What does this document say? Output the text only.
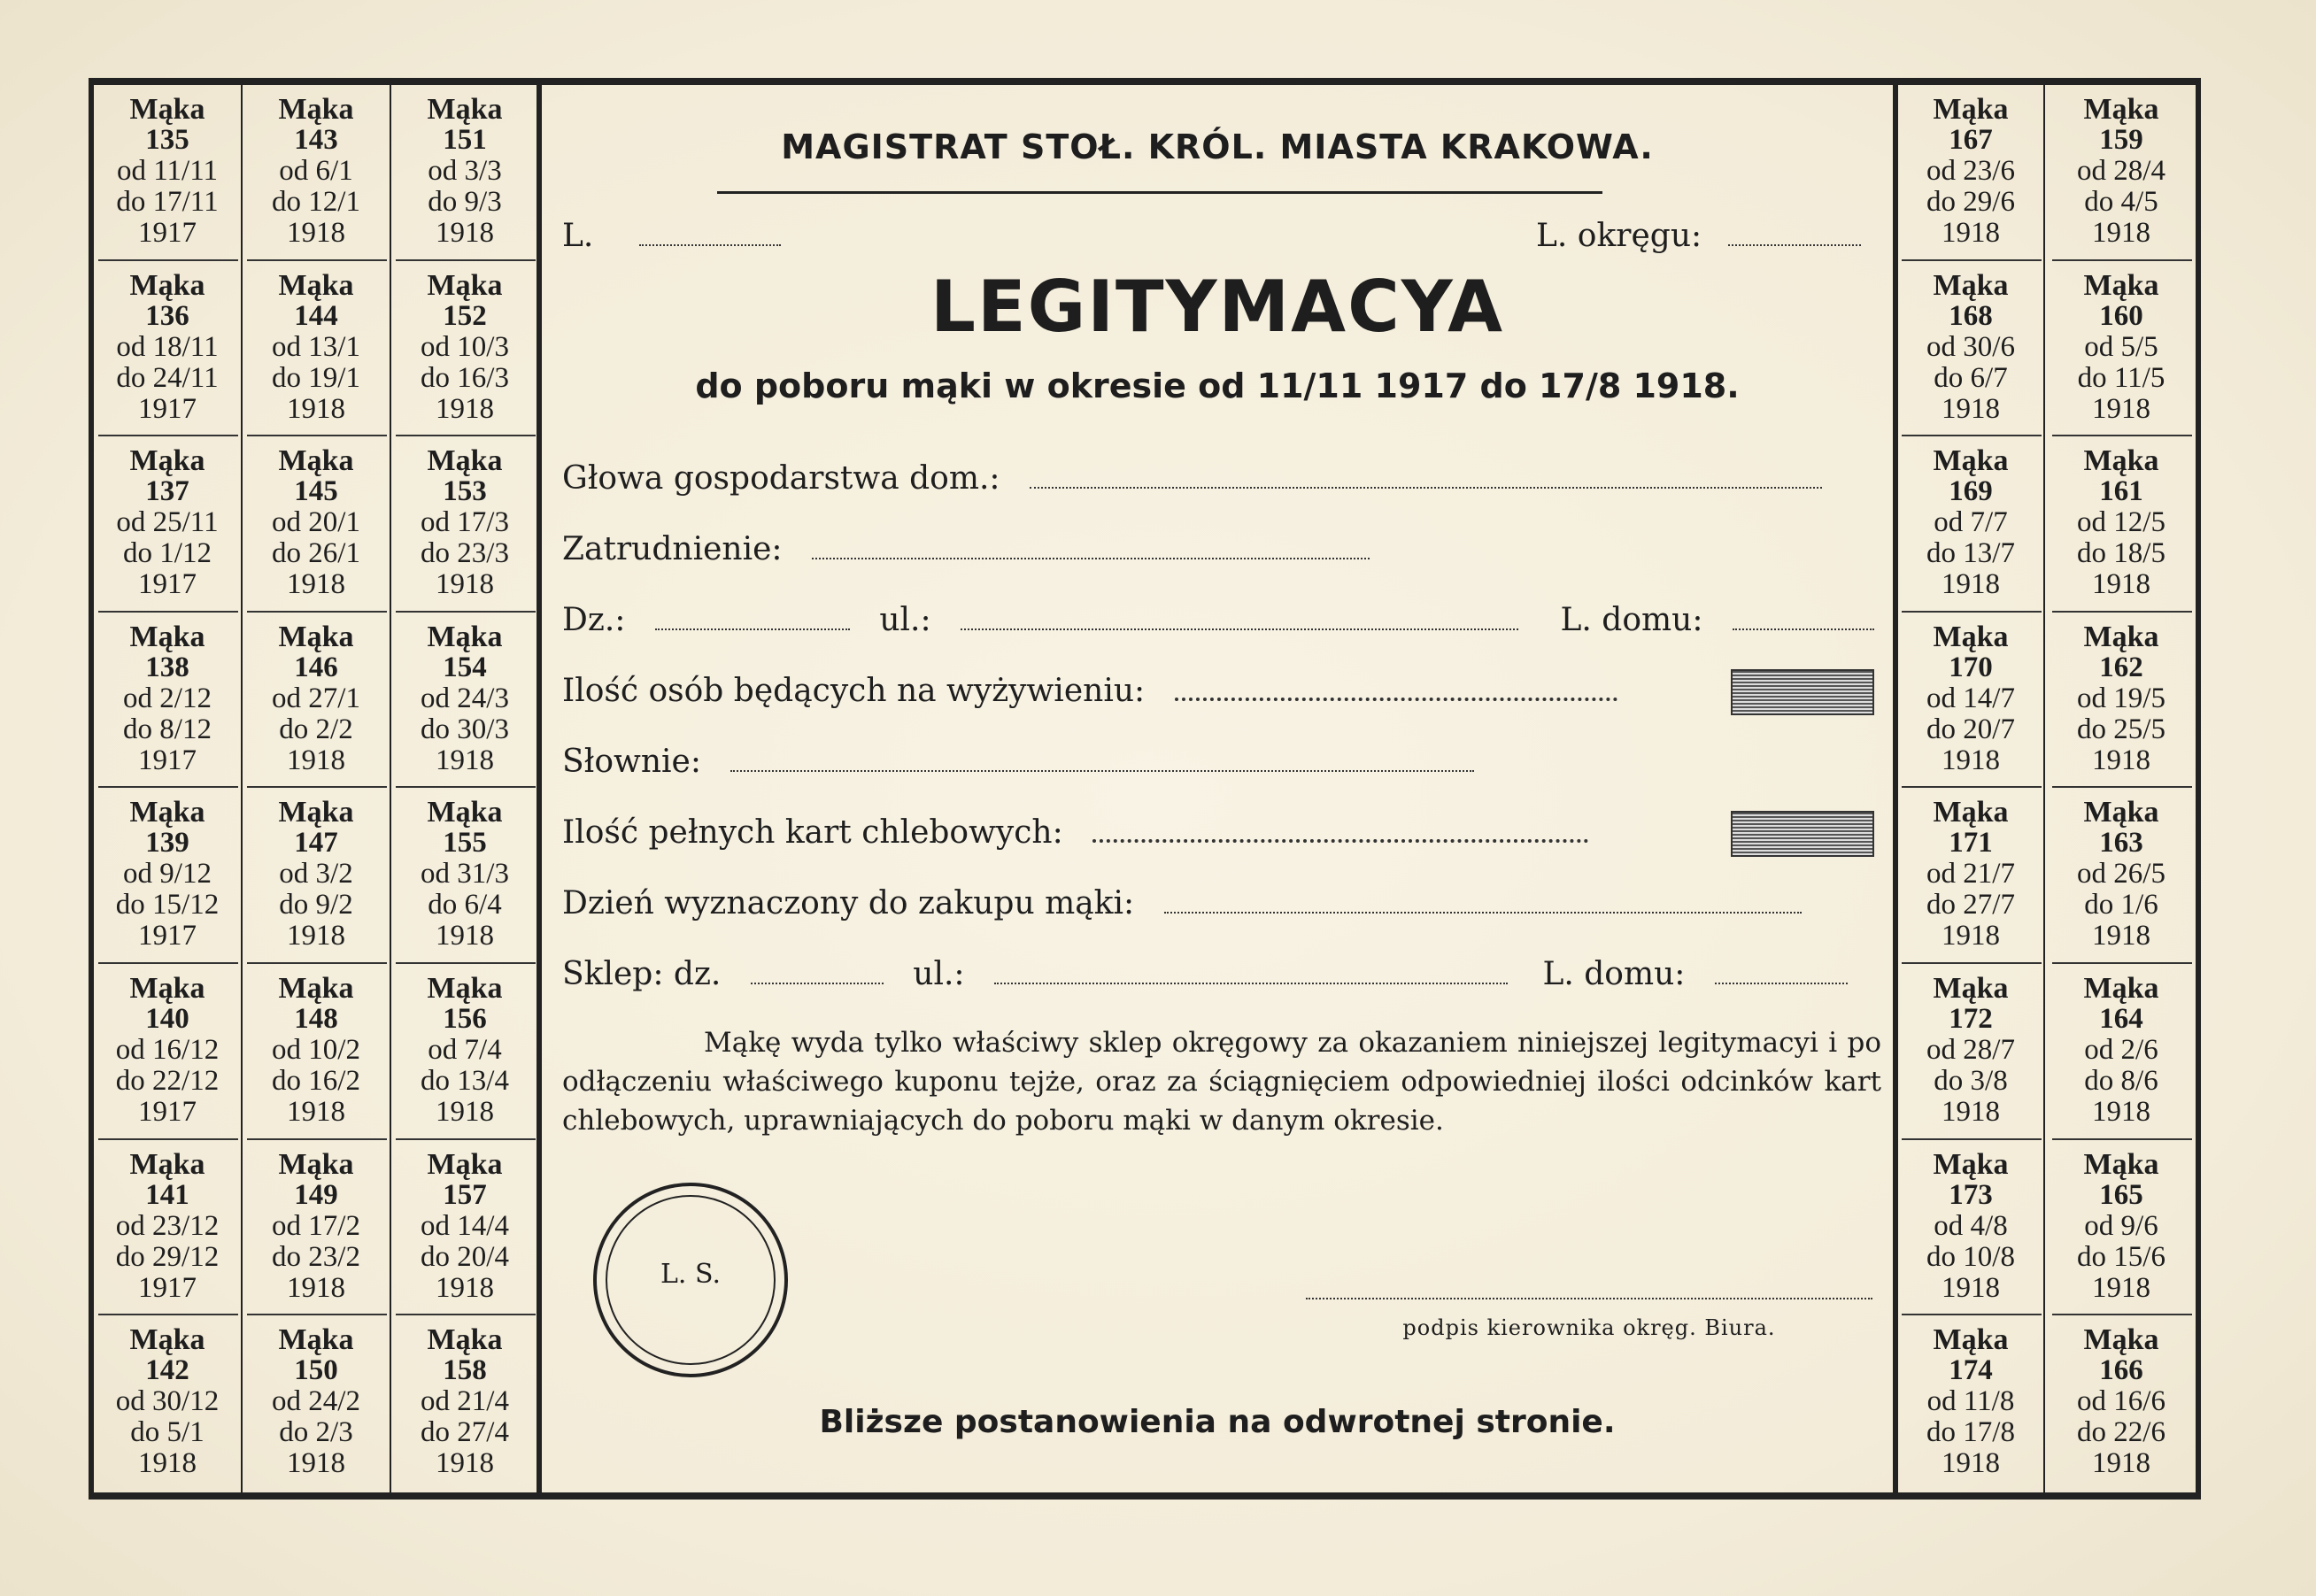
Mąka
135
od 11/11
do 17/11
1917
Mąka
136
od 18/11
do 24/11
1917
Mąka
137
od 25/11
do 1/12
1917
Mąka
138
od 2/12
do 8/12
1917
Mąka
139
od 9/12
do 15/12
1917
Mąka
140
od 16/12
do 22/12
1917
Mąka
141
od 23/12
do 29/12
1917
Mąka
142
od 30/12
do 5/1
1918
Mąka
143
od 6/1
do 12/1
1918
Mąka
144
od 13/1
do 19/1
1918
Mąka
145
od 20/1
do 26/1
1918
Mąka
146
od 27/1
do 2/2
1918
Mąka
147
od 3/2
do 9/2
1918
Mąka
148
od 10/2
do 16/2
1918
Mąka
149
od 17/2
do 23/2
1918
Mąka
150
od 24/2
do 2/3
1918
Mąka
151
od 3/3
do 9/3
1918
Mąka
152
od 10/3
do 16/3
1918
Mąka
153
od 17/3
do 23/3
1918
Mąka
154
od 24/3
do 30/3
1918
Mąka
155
od 31/3
do 6/4
1918
Mąka
156
od 7/4
do 13/4
1918
Mąka
157
od 14/4
do 20/4
1918
Mąka
158
od 21/4
do 27/4
1918
Mąka
167
od 23/6
do 29/6
1918
Mąka
168
od 30/6
do 6/7
1918
Mąka
169
od 7/7
do 13/7
1918
Mąka
170
od 14/7
do 20/7
1918
Mąka
171
od 21/7
do 27/7
1918
Mąka
172
od 28/7
do 3/8
1918
Mąka
173
od 4/8
do 10/8
1918
Mąka
174
od 11/8
do 17/8
1918
Mąka
159
od 28/4
do 4/5
1918
Mąka
160
od 5/5
do 11/5
1918
Mąka
161
od 12/5
do 18/5
1918
Mąka
162
od 19/5
do 25/5
1918
Mąka
163
od 26/5
do 1/6
1918
Mąka
164
od 2/6
do 8/6
1918
Mąka
165
od 9/6
do 15/6
1918
Mąka
166
od 16/6
do 22/6
1918
MAGISTRAT STOŁ. KRÓL. MIASTA KRAKOWA.
L.	L. okręgu:
LEGITYMACYA
do poboru mąki w okresie od 11/11 1917 do 17/8 1918.
Głowa gospodarstwa dom.:
Zatrudnienie:
Dz.:	ul.:	L. domu:
Ilość osób będących na wyżywieniu:
Słownie:
Ilość pełnych kart chlebowych:
Dzień wyznaczony do zakupu mąki:
Sklep: dz.	ul.:	L. domu:
Mąkę wyda tylko właściwy sklep okręgowy za okazaniem niniejszej legitymacyi i po odłączeniu właściwego kuponu tejże, oraz za ściągnięciem odpowiedniej ilości odcinków kart chlebowych, uprawniających do poboru mąki w danym okresie.
L. S.
podpis kierownika okręg. Biura.
Bliższe postanowienia na odwrotnej stronie.
